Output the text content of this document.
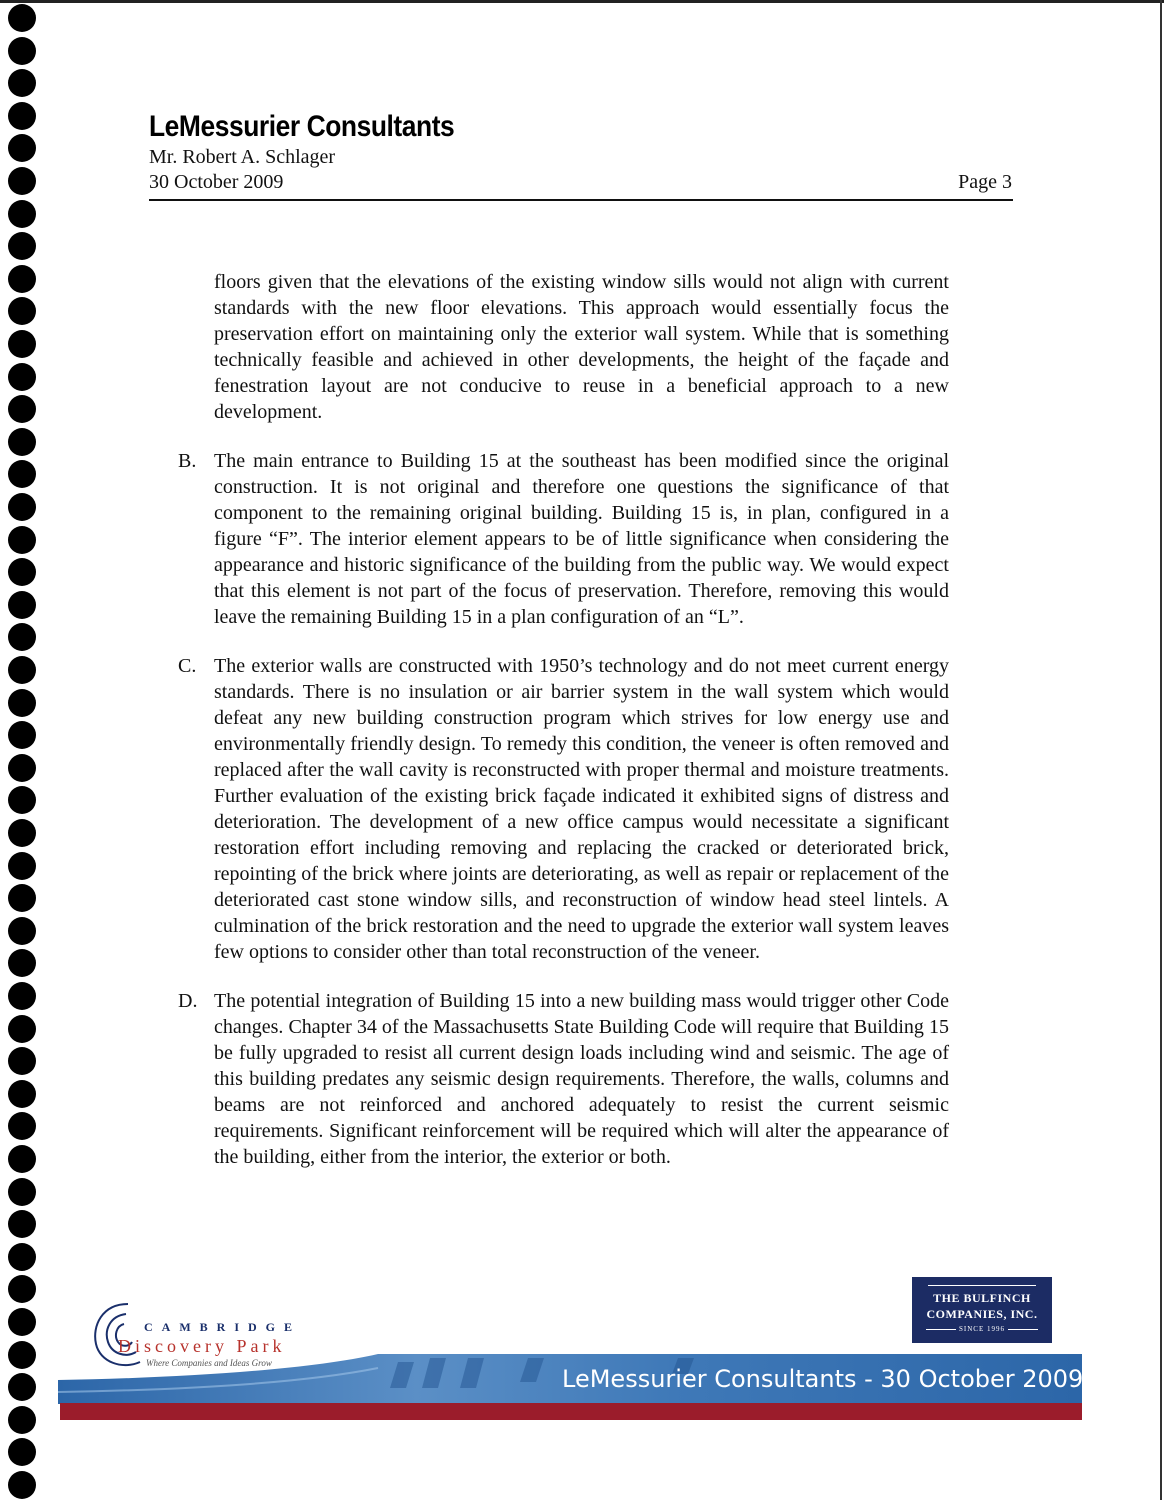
LeMessurier Consultants
Mr. Robert A. Schlager
30 October 2009	Page 3

floors given that the elevations of the existing window sills would not align with current standards with the new floor elevations. This approach would essentially focus the preservation effort on maintaining only the exterior wall system. While that is something technically feasible and achieved in other developments, the height of the façade and fenestration layout are not conducive to reuse in a beneficial approach to a new development.

B. The main entrance to Building 15 at the southeast has been modified since the original construction. It is not original and therefore one questions the significance of that component to the remaining original building. Building 15 is, in plan, configured in a figure “F”. The interior element appears to be of little significance when considering the appearance and historic significance of the building from the public way. We would expect that this element is not part of the focus of preservation. Therefore, removing this would leave the remaining Building 15 in a plan configuration of an “L”.

C. The exterior walls are constructed with 1950’s technology and do not meet current energy standards. There is no insulation or air barrier system in the wall system which would defeat any new building construction program which strives for low energy use and environmentally friendly design. To remedy this condition, the veneer is often removed and replaced after the wall cavity is reconstructed with proper thermal and moisture treatments. Further evaluation of the existing brick façade indicated it exhibited signs of distress and deterioration. The development of a new office campus would necessitate a significant restoration effort including removing and replacing the cracked or deteriorated brick, repointing of the brick where joints are deteriorating, as well as repair or replacement of the deteriorated cast stone window sills, and reconstruction of window head steel lintels. A culmination of the brick restoration and the need to upgrade the exterior wall system leaves few options to consider other than total reconstruction of the veneer.

D. The potential integration of Building 15 into a new building mass would trigger other Code changes. Chapter 34 of the Massachusetts State Building Code will require that Building 15 be fully upgraded to resist all current design loads including wind and seismic. The age of this building predates any seismic design requirements. Therefore, the walls, columns and beams are not reinforced and anchored adequately to resist the current seismic requirements. Significant reinforcement will be required which will alter the appearance of the building, either from the interior, the exterior or both.

CAMBRIDGE
Discovery Park
Where Companies and Ideas Grow
THE BULFINCH
COMPANIES, INC.
SINCE 1996
LeMessurier Consultants - 30 October 2009
